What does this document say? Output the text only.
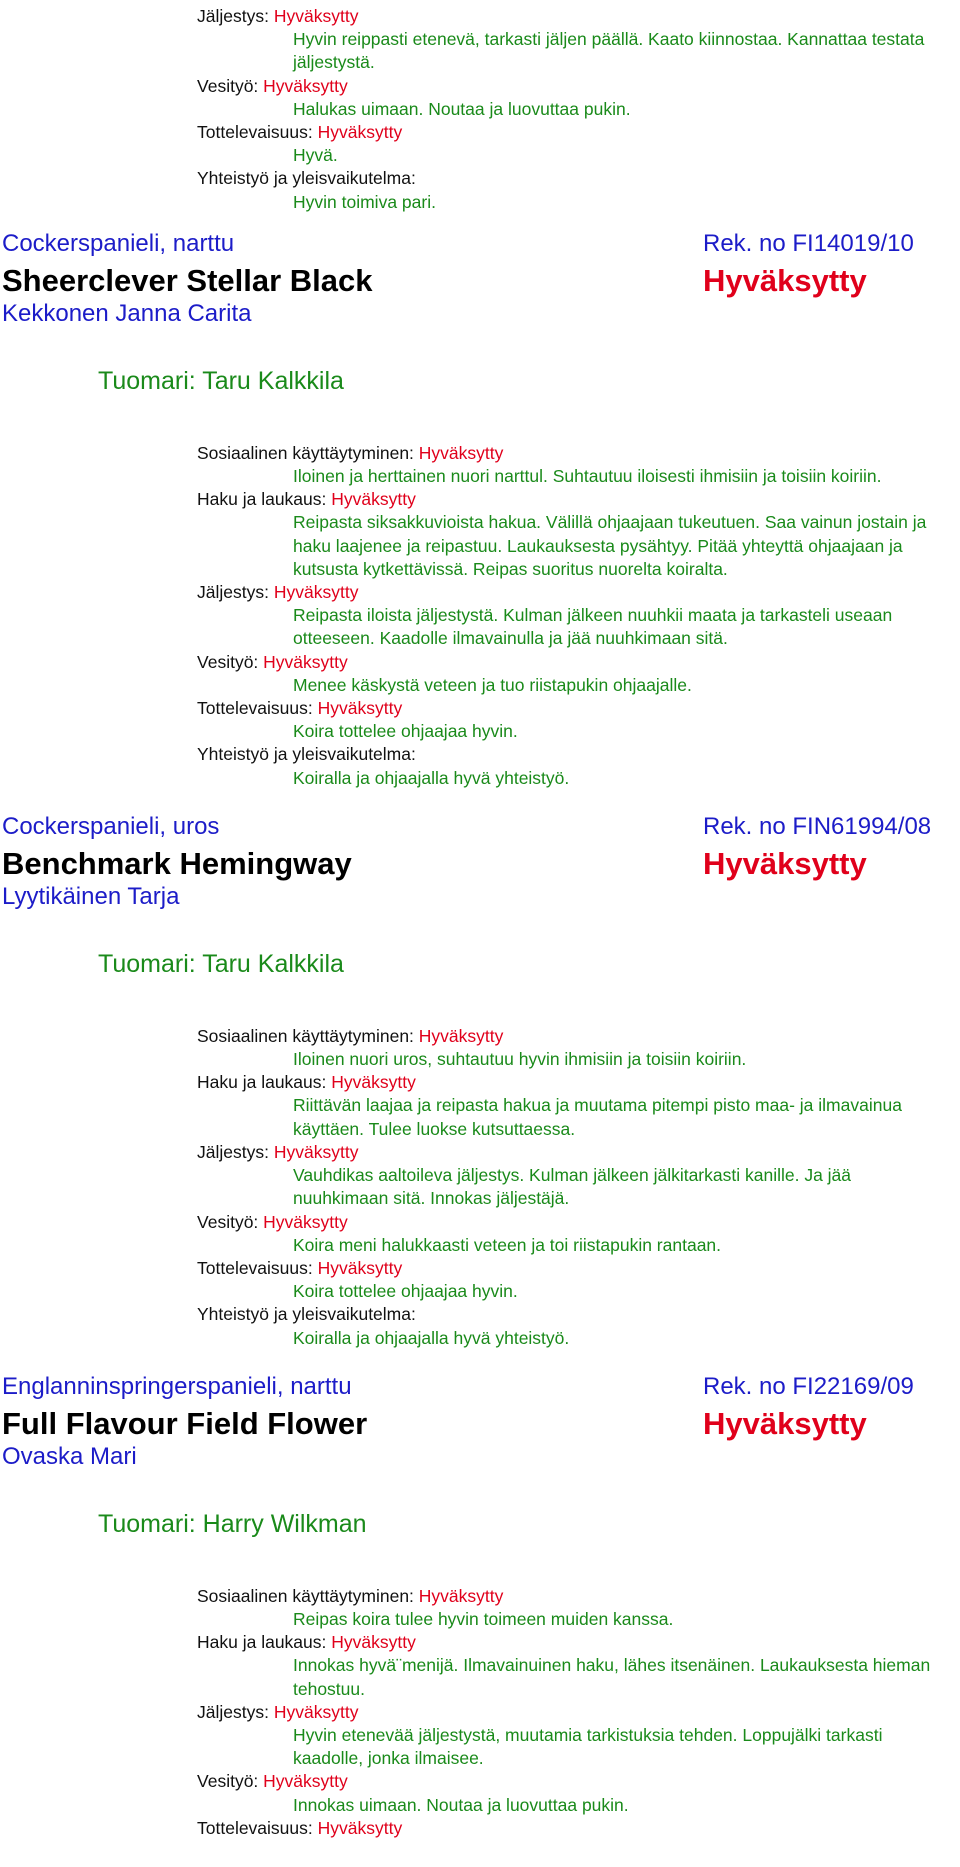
Jäljestys: Hyväksytty
Hyvin reippasti etenevä, tarkasti jäljen päällä. Kaato kiinnostaa. Kannattaa testata jäljestystä.
Vesityö: Hyväksytty
Halukas uimaan. Noutaa ja luovuttaa pukin.
Tottelevaisuus: Hyväksytty
Hyvä.
Yhteistyö ja yleisvaikutelma:
Hyvin toimiva pari.
Cockerspanieli, narttu	Rek. no FI14019/10
Sheerclever Stellar Black	Hyväksytty
Kekkonen Janna Carita
Tuomari: Taru Kalkkila
Sosiaalinen käyttäytyminen: Hyväksytty
Iloinen ja herttainen nuori narttul. Suhtautuu iloisesti ihmisiin ja toisiin koiriin.
Haku ja laukaus: Hyväksytty
Reipasta siksakkuvioista hakua. Välillä ohjaajaan tukeutuen. Saa vainun jostain ja haku laajenee ja reipastuu. Laukauksesta pysähtyy. Pitää yhteyttä ohjaajaan ja kutsusta kytkettävissä. Reipas suoritus nuorelta koiralta.
Jäljestys: Hyväksytty
Reipasta iloista jäljestystä. Kulman jälkeen nuuhkii maata ja tarkasteli useaan otteeseen. Kaadolle ilmavainulla ja jää nuuhkimaan sitä.
Vesityö: Hyväksytty
Menee käskystä veteen ja tuo riistapukin ohjaajalle.
Tottelevaisuus: Hyväksytty
Koira tottelee ohjaajaa hyvin.
Yhteistyö ja yleisvaikutelma:
Koiralla ja ohjaajalla hyvä yhteistyö.
Cockerspanieli, uros	Rek. no FIN61994/08
Benchmark Hemingway	Hyväksytty
Lyytikäinen Tarja
Tuomari: Taru Kalkkila
Sosiaalinen käyttäytyminen: Hyväksytty
Iloinen nuori uros, suhtautuu hyvin ihmisiin ja toisiin koiriin.
Haku ja laukaus: Hyväksytty
Riittävän laajaa ja reipasta hakua ja muutama pitempi pisto maa- ja ilmavainua käyttäen. Tulee luokse kutsuttaessa.
Jäljestys: Hyväksytty
Vauhdikas aaltoileva jäljestys. Kulman jälkeen jälkitarkasti kanille. Ja jää nuuhkimaan sitä. Innokas jäljestäjä.
Vesityö: Hyväksytty
Koira meni halukkaasti veteen ja toi riistapukin rantaan.
Tottelevaisuus: Hyväksytty
Koira tottelee ohjaajaa hyvin.
Yhteistyö ja yleisvaikutelma:
Koiralla ja ohjaajalla hyvä yhteistyö.
Englanninspringerspanieli, narttu	Rek. no FI22169/09
Full Flavour Field Flower	Hyväksytty
Ovaska Mari
Tuomari: Harry Wilkman
Sosiaalinen käyttäytyminen: Hyväksytty
Reipas koira tulee hyvin toimeen muiden kanssa.
Haku ja laukaus: Hyväksytty
Innokas hyvä¨menijä. Ilmavainuinen haku, lähes itsenäinen. Laukauksesta hieman tehostuu.
Jäljestys: Hyväksytty
Hyvin etenevää jäljestystä, muutamia tarkistuksia tehden. Loppujälki tarkasti kaadolle, jonka ilmaisee.
Vesityö: Hyväksytty
Innokas uimaan. Noutaa ja luovuttaa pukin.
Tottelevaisuus: Hyväksytty
